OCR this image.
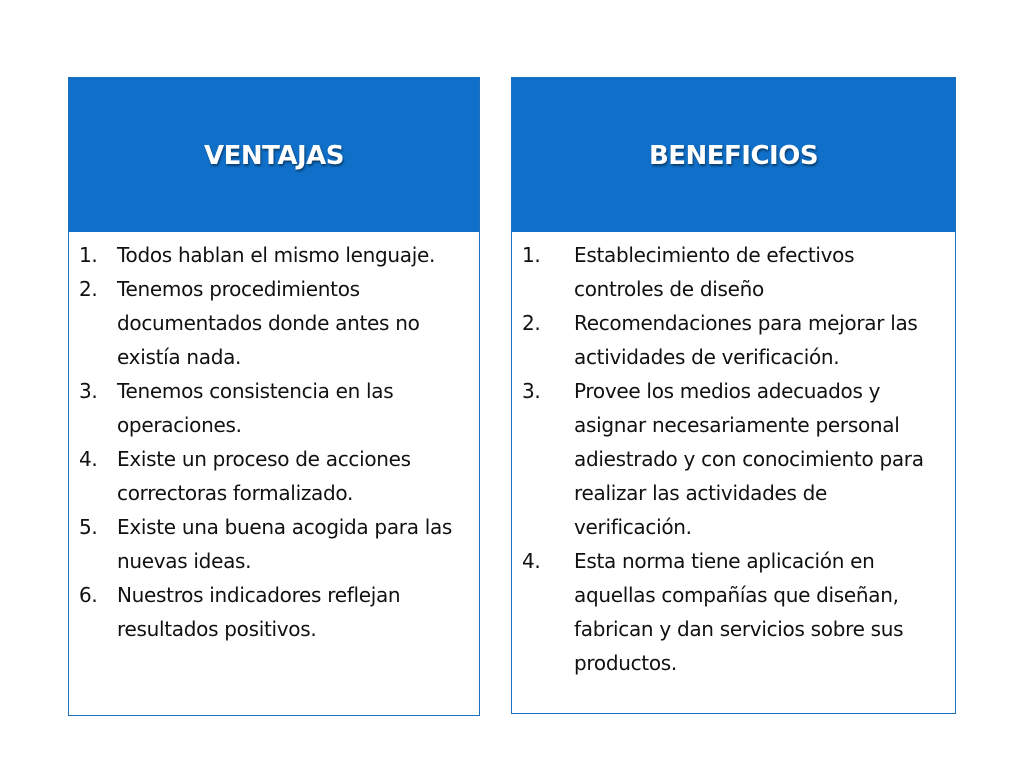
VENTAJAS
1. Todos hablan el mismo lenguaje.
2. Tenemos procedimientos documentados donde antes no existía nada.
3. Tenemos consistencia en las operaciones.
4. Existe un proceso de acciones correctoras formalizado.
5. Existe una buena acogida para las nuevas ideas.
6. Nuestros indicadores reflejan resultados positivos.
BENEFICIOS
1.	Establecimiento de efectivos controles de diseño
2.	Recomendaciones para mejorar las actividades de verificación.
3.	Provee los medios adecuados y asignar necesariamente personal adiestrado y con conocimiento para realizar las actividades de verificación.
4.	Esta norma tiene aplicación en aquellas compañías que diseñan, fabrican y dan servicios sobre sus productos.
